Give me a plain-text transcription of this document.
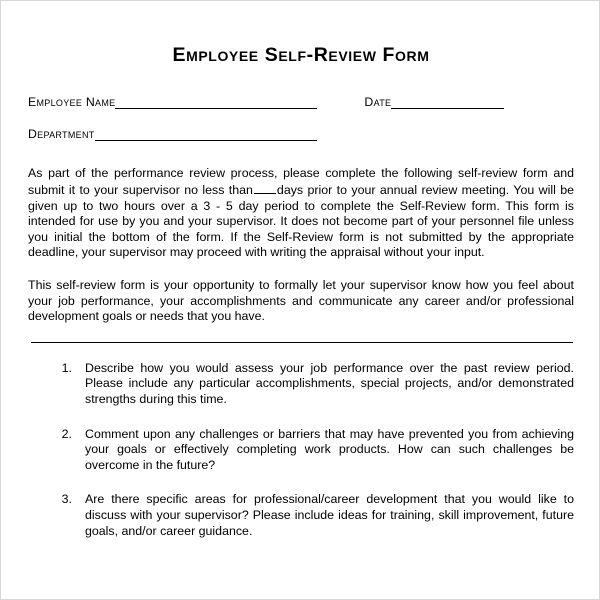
Employee Self-Review Form
Employee Name	Date
Department

As part of the performance review process, please complete the following self-review form and submit it to your supervisor no less than days prior to your annual review meeting. You will be given up to two hours over a 3 - 5 day period to complete the Self-Review form. This form is intended for use by you and your supervisor. It does not become part of your personnel file unless you initial the bottom of the form. If the Self-Review form is not submitted by the appropriate deadline, your supervisor may proceed with writing the appraisal without your input.

This self-review form is your opportunity to formally let your supervisor know how you feel about your job performance, your accomplishments and communicate any career and/or professional development goals or needs that you have.

1. Describe how you would assess your job performance over the past review period. Please include any particular accomplishments, special projects, and/or demonstrated strengths during this time.
2. Comment upon any challenges or barriers that may have prevented you from achieving your goals or effectively completing work products. How can such challenges be overcome in the future?
3. Are there specific areas for professional/career development that you would like to discuss with your supervisor? Please include ideas for training, skill improvement, future goals, and/or career guidance.
